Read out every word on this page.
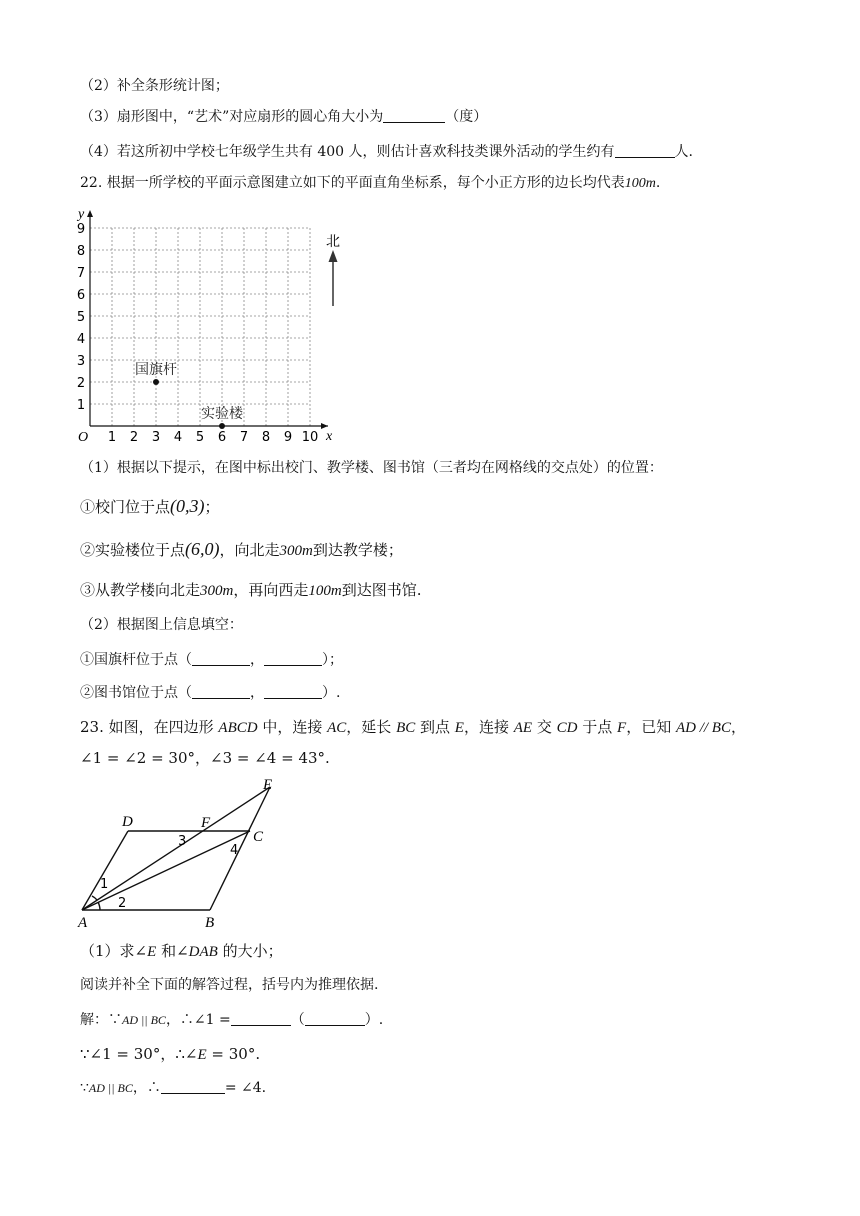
（2）补全条形统计图；
（3）扇形图中，“艺术”对应扇形的圆心角大小为	（度）
（4）若这所初中学校七年级学生共有 400 人，则估计喜欢科技类课外活动的学生约有	人.
22. 根据一所学校的平面示意图建立如下的平面直角坐标系，每个小正方形的边长均代表100m.
y
x
O 1 2 3 4 5 6 7 8 9 10
1
2
3
4
5
6
7
8
9
北
国旗杆
实验楼
（1）根据以下提示，在图中标出校门、教学楼、图书馆（三者均在网格线的交点处）的位置：
①校门位于点(0,3)；
②实验楼位于点(6,0)，向北走300m到达教学楼；
③从教学楼向北走300m，再向西走100m到达图书馆.
（2）根据图上信息填空：
①国旗杆位于点（	，	）；
②图书馆位于点（	，	）.
23. 如图，在四边形 ABCD 中，连接 AC，延长 BC 到点 E，连接 AE 交 CD 于点 F，已知 AD // BC，
∠1 = ∠2 = 30°，∠3 = ∠4 = 43°.
A	B
C
D
E
F
1
2
3
4
（1）求∠E 和∠DAB 的大小；
阅读并补全下面的解答过程，括号内为推理依据.
解：∵AD || BC，∴∠1 =	（	）.
∵∠1 = 30°，∴∠E = 30°.
∵AD || BC，∴	= ∠4.
